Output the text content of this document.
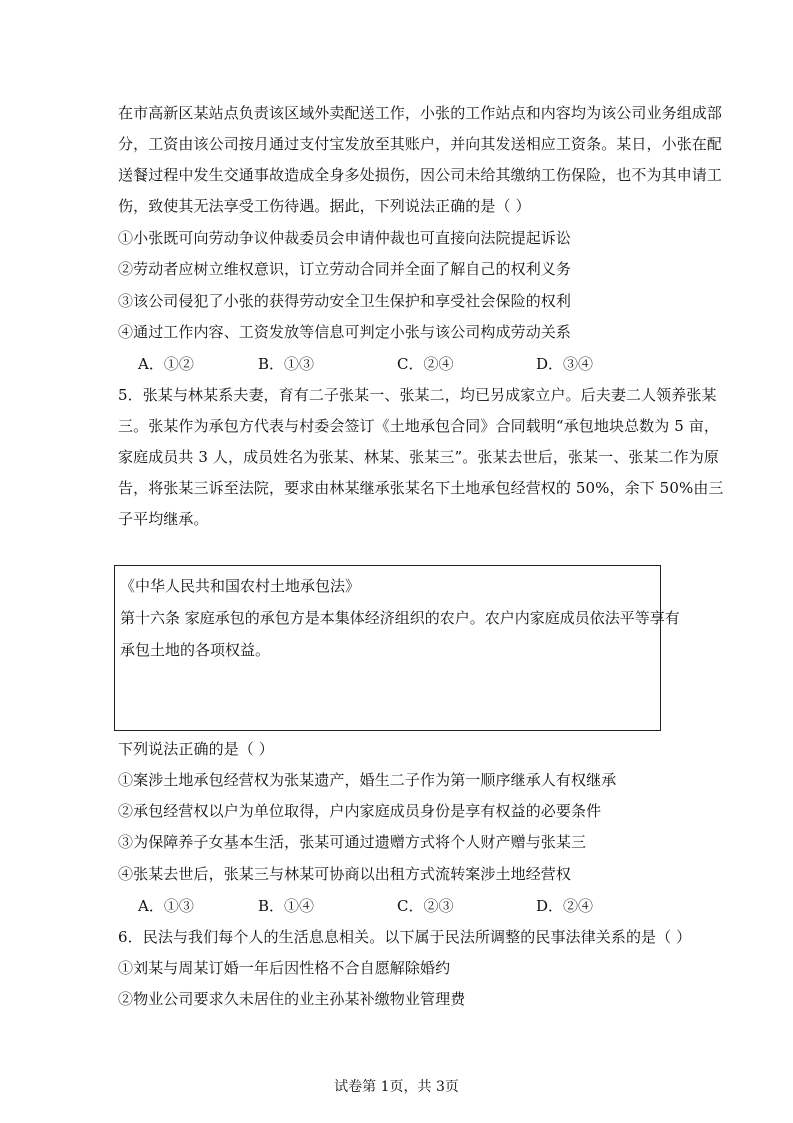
在市高新区某站点负责该区域外卖配送工作，小张的工作站点和内容均为该公司业务组成部
分，工资由该公司按月通过支付宝发放至其账户，并向其发送相应工资条。某日，小张在配
送餐过程中发生交通事故造成全身多处损伤，因公司未给其缴纳工伤保险，也不为其申请工
伤，致使其无法享受工伤待遇。据此，下列说法正确的是（ ）
①小张既可向劳动争议仲裁委员会申请仲裁也可直接向法院提起诉讼
②劳动者应树立维权意识，订立劳动合同并全面了解自己的权利义务
③该公司侵犯了小张的获得劳动安全卫生保护和享受社会保险的权利
④通过工作内容、工资发放等信息可判定小张与该公司构成劳动关系
A．①②	B．①③	C．②④	D．③④
5．张某与林某系夫妻，育有二子张某一、张某二，均已另成家立户。后夫妻二人领养张某
三。张某作为承包方代表与村委会签订《土地承包合同》合同载明“承包地块总数为 5 亩，
家庭成员共 3 人，成员姓名为张某、林某、张某三”。张某去世后，张某一、张某二作为原
告，将张某三诉至法院，要求由林某继承张某名下土地承包经营权的 50%，余下 50%由三
子平均继承。
《中华人民共和国农村土地承包法》
第十六条 家庭承包的承包方是本集体经济组织的农户。农户内家庭成员依法平等享有
承包土地的各项权益。
下列说法正确的是（ ）
①案涉土地承包经营权为张某遗产，婚生二子作为第一顺序继承人有权继承
②承包经营权以户为单位取得，户内家庭成员身份是享有权益的必要条件
③为保障养子女基本生活，张某可通过遗赠方式将个人财产赠与张某三
④张某去世后，张某三与林某可协商以出租方式流转案涉土地经营权
A．①③	B．①④	C．②③	D．②④
6．民法与我们每个人的生活息息相关。以下属于民法所调整的民事法律关系的是（ ）
①刘某与周某订婚一年后因性格不合自愿解除婚约
②物业公司要求久未居住的业主孙某补缴物业管理费
试卷第 1页，共 3页
